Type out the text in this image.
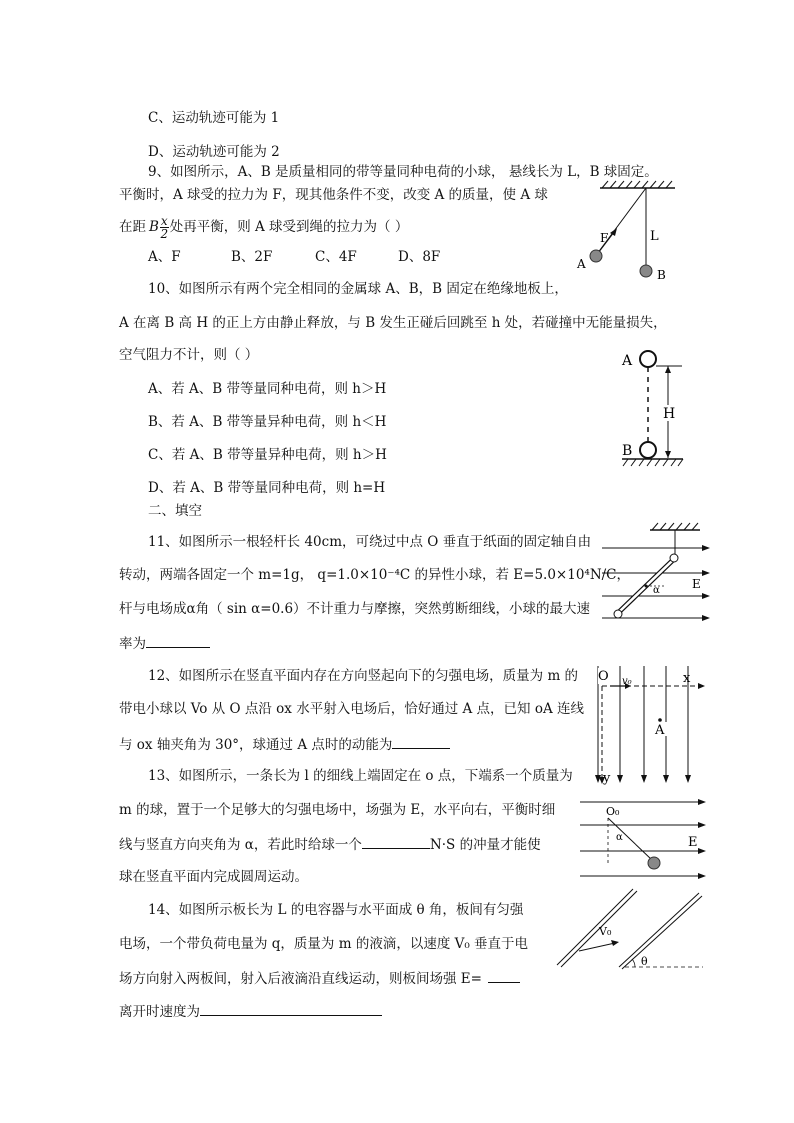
C、运动轨迹可能为 1
D、运动轨迹可能为 2
9、如图所示，A、B 是质量相同的带等量同种电荷的小球， 悬线长为 L，B 球固定。
平衡时，A 球受的拉力为 F，现其他条件不变，改变 A 的质量，使 A 球
在距 B $\frac{x}{2}$ 处再平衡，则 A 球受到绳的拉力为（ ）
A、F	B、2F	C、4F	D、8F
F	L
A
B
10、如图所示有两个完全相同的金属球 A、B，B 固定在绝缘地板上，
A 在离 B 高 H 的正上方由静止释放，与 B 发生正碰后回跳至 h 处，若碰撞中无能量损失，
空气阻力不计，则（ ）
A、若 A、B 带等量同种电荷，则 h＞H
B、若 A、B 带等量异种电荷，则 h＜H
C、若 A、B 带等量异种电荷，则 h＞H
D、若 A、B 带等量同种电荷，则 h=H
H
A
B
二、填空
11、如图所示一根轻杆长 40cm，可绕过中点 O 垂直于纸面的固定轴自由
转动，两端各固定一个 m=1g， q=1.0×10⁻⁴C 的异性小球，若 E=5.0×10⁴N/C，
杆与电场成α角（ sin α=0.6）不计重力与摩擦，突然剪断细线，小球的最大速
率为
α	E
12、如图所示在竖直平面内存在方向竖起向下的匀强电场，质量为 m 的
带电小球以 Vo 从 O 点沿 ox 水平射入电场后，恰好通过 A 点，已知 oA 连线
与 ox 轴夹角为 30°，球通过 A 点时的动能为
O v₀	x
y
A
13、如图所示，一条长为 l 的细线上端固定在 o 点，下端系一个质量为
m 的球，置于一个足够大的匀强电场中，场强为 E，水平向右，平衡时细
线与竖直方向夹角为 α，若此时给球一个	N·S 的冲量才能使
球在竖直平面内完成圆周运动。
O₀
α	E
14、如图所示板长为 L 的电容器与水平面成 θ 角，板间有匀强
电场，一个带负荷电量为 q，质量为 m 的液滴，以速度 V₀ 垂直于电
场方向射入两板间，射入后液滴沿直线运动，则板间场强 E=
离开时速度为
V₀
θ
